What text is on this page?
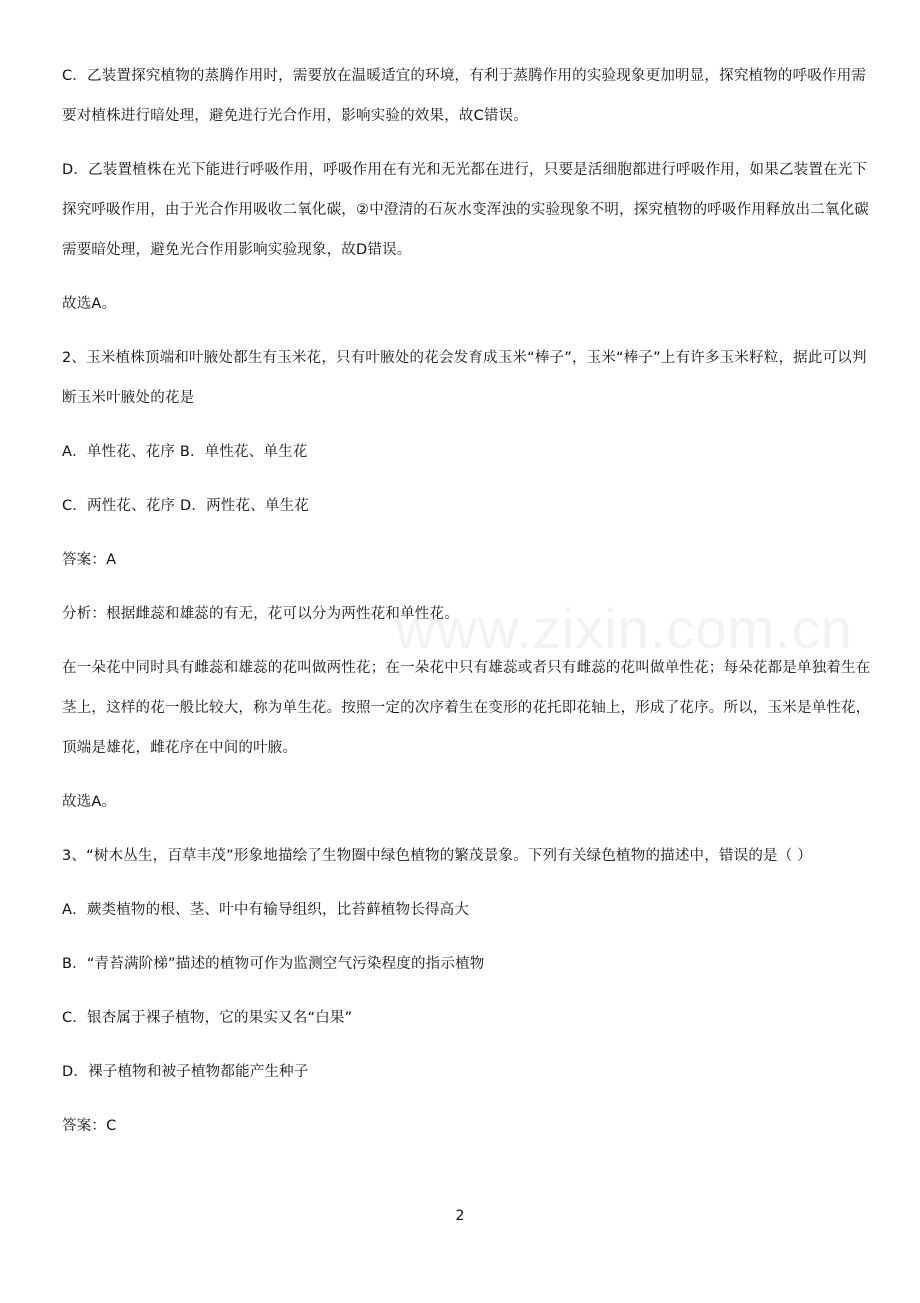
C．乙装置探究植物的蒸腾作用时，需要放在温暖适宜的环境，有利于蒸腾作用的实验现象更加明显，探究植物的呼吸作用需要对植株进行暗处理，避免进行光合作用，影响实验的效果，故C错误。

D．乙装置植株在光下能进行呼吸作用，呼吸作用在有光和无光都在进行，只要是活细胞都进行呼吸作用，如果乙装置在光下探究呼吸作用，由于光合作用吸收二氧化碳，②中澄清的石灰水变浑浊的实验现象不明，探究植物的呼吸作用释放出二氧化碳需要暗处理，避免光合作用影响实验现象，故D错误。

故选A。

2、玉米植株顶端和叶腋处都生有玉米花，只有叶腋处的花会发育成玉米“棒子”，玉米“棒子”上有许多玉米籽粒，据此可以判断玉米叶腋处的花是

A．单性花、花序 B．单性花、单生花

C．两性花、花序 D．两性花、单生花

答案：A

分析：根据雌蕊和雄蕊的有无，花可以分为两性花和单性花。

在一朵花中同时具有雌蕊和雄蕊的花叫做两性花；在一朵花中只有雄蕊或者只有雌蕊的花叫做单性花；每朵花都是单独着生在茎上，这样的花一般比较大，称为单生花。按照一定的次序着生在变形的花托即花轴上，形成了花序。所以，玉米是单性花，顶端是雄花，雌花序在中间的叶腋。

故选A。

3、“树木丛生，百草丰茂”形象地描绘了生物圈中绿色植物的繁茂景象。下列有关绿色植物的描述中，错误的是（ ）

A．蕨类植物的根、茎、叶中有输导组织，比苔藓植物长得高大

B．“青苔满阶梯”描述的植物可作为监测空气污染程度的指示植物

C．银杏属于裸子植物，它的果实又名“白果”

D．裸子植物和被子植物都能产生种子

答案：C

www.zixin.com.cn
2
